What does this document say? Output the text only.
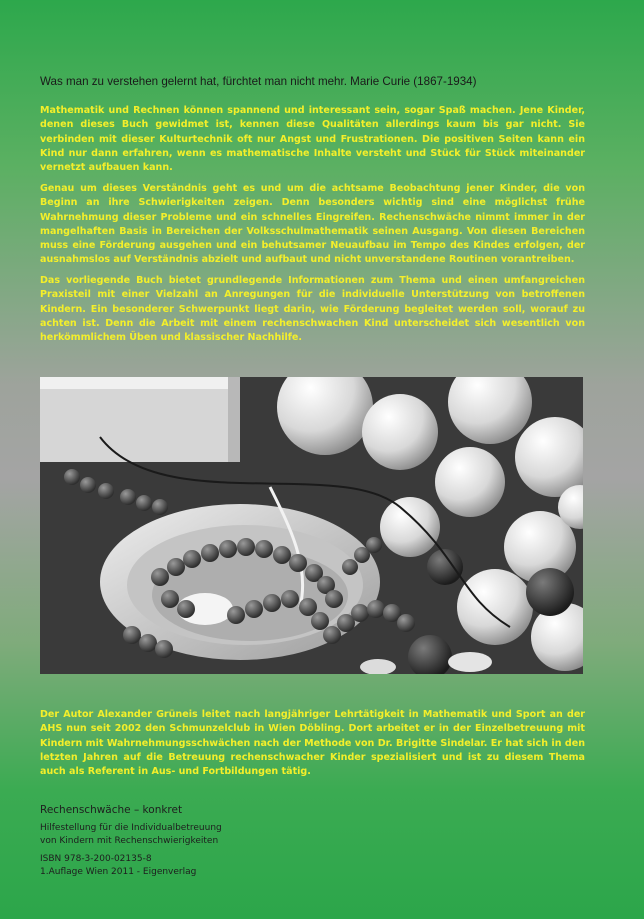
Was man zu verstehen gelernt hat, fürchtet man nicht mehr. Marie Curie (1867-1934)

Mathematik und Rechnen können spannend und interessant sein, sogar Spaß machen. Jene Kinder, denen dieses Buch gewidmet ist, kennen diese Qualitäten allerdings kaum bis gar nicht. Sie verbinden mit dieser Kulturtechnik oft nur Angst und Frustrationen. Die positiven Seiten kann ein Kind nur dann erfahren, wenn es mathematische Inhalte versteht und Stück für Stück miteinander vernetzt aufbauen kann.

Genau um dieses Verständnis geht es und um die achtsame Beobachtung jener Kinder, die von Beginn an ihre Schwierigkeiten zeigen. Denn besonders wichtig sind eine möglichst frühe Wahrnehmung dieser Probleme und ein schnelles Eingreifen. Rechenschwäche nimmt immer in der mangelhaften Basis in Bereichen der Volksschulmathematik seinen Ausgang. Von diesen Bereichen muss eine Förderung ausgehen und ein behutsamer Neuaufbau im Tempo des Kindes erfolgen, der ausnahmslos auf Verständnis abzielt und aufbaut und nicht unverstandene Routinen vorantreiben.

Das vorliegende Buch bietet grundlegende Informationen zum Thema und einen umfangreichen Praxisteil mit einer Vielzahl an Anregungen für die individuelle Unterstützung von betroffenen Kindern. Ein besonderer Schwerpunkt liegt darin, wie Förderung begleitet werden soll, worauf zu achten ist. Denn die Arbeit mit einem rechenschwachen Kind unterscheidet sich wesentlich von herkömmlichem Üben und klassischer Nachhilfe.

Der Autor Alexander Grüneis leitet nach langjähriger Lehrtätigkeit in Mathematik und Sport an der AHS nun seit 2002 den Schmunzelclub in Wien Döbling. Dort arbeitet er in der Einzelbetreuung mit Kindern mit Wahrnehmungsschwächen nach der Methode von Dr. Brigitte Sindelar. Er hat sich in den letzten Jahren auf die Betreuung rechenschwacher Kinder spezialisiert und ist zu diesem Thema auch als Referent in Aus- und Fortbildungen tätig.

Rechenschwäche – konkret

Hilfestellung für die Individualbetreuung

von Kindern mit Rechenschwierigkeiten

ISBN 978-3-200-02135-8

1.Auflage Wien 2011 - Eigenverlag
